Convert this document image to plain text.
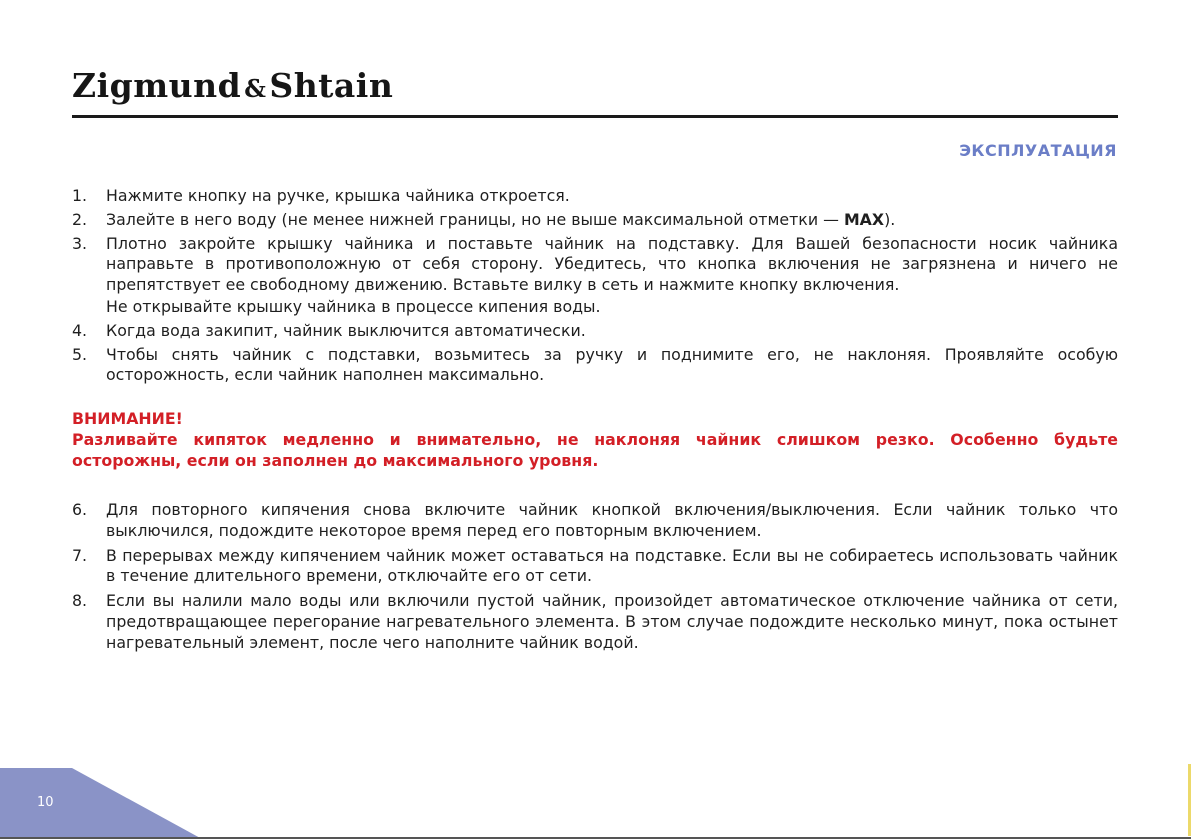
Zigmund &Shtain
ЭКСПЛУАТАЦИЯ
1. Нажмите кнопку на ручке, крышка чайника откроется.
2. Залейте в него воду (не менее нижней границы, но не выше максимальной отметки — MAX).
3. Плотно закройте крышку чайника и поставьте чайник на подставку. Для Вашей безопасности носик чайника направьте в противоположную от себя сторону. Убедитесь, что кнопка включения не загрязнена и ничего не препятствует ее свободному движению. Вставьте вилку в сеть и нажмите кнопку включения.
Не открывайте крышку чайника в процессе кипения воды.
4. Когда вода закипит, чайник выключится автоматически.
5. Чтобы снять чайник с подставки, возьмитесь за ручку и поднимите его, не наклоняя. Проявляйте особую осторожность, если чайник наполнен максимально.
ВНИМАНИЕ!
Разливайте кипяток медленно и внимательно, не наклоняя чайник слишком резко. Особенно будьте осторожны, если он заполнен до максимального уровня.
6. Для повторного кипячения снова включите чайник кнопкой включения/выключения. Если чайник только что выключился, подождите некоторое время перед его повторным включением.
7. В перерывах между кипячением чайник может оставаться на подставке. Если вы не собираетесь использовать чайник в течение длительного времени, отключайте его от сети.
8. Если вы налили мало воды или включили пустой чайник, произойдет автоматическое отключение чайника от сети, предотвращающее перегорание нагревательного элемента. В этом случае подождите несколько минут, пока остынет нагревательный элемент, после чего наполните чайник водой.
10
